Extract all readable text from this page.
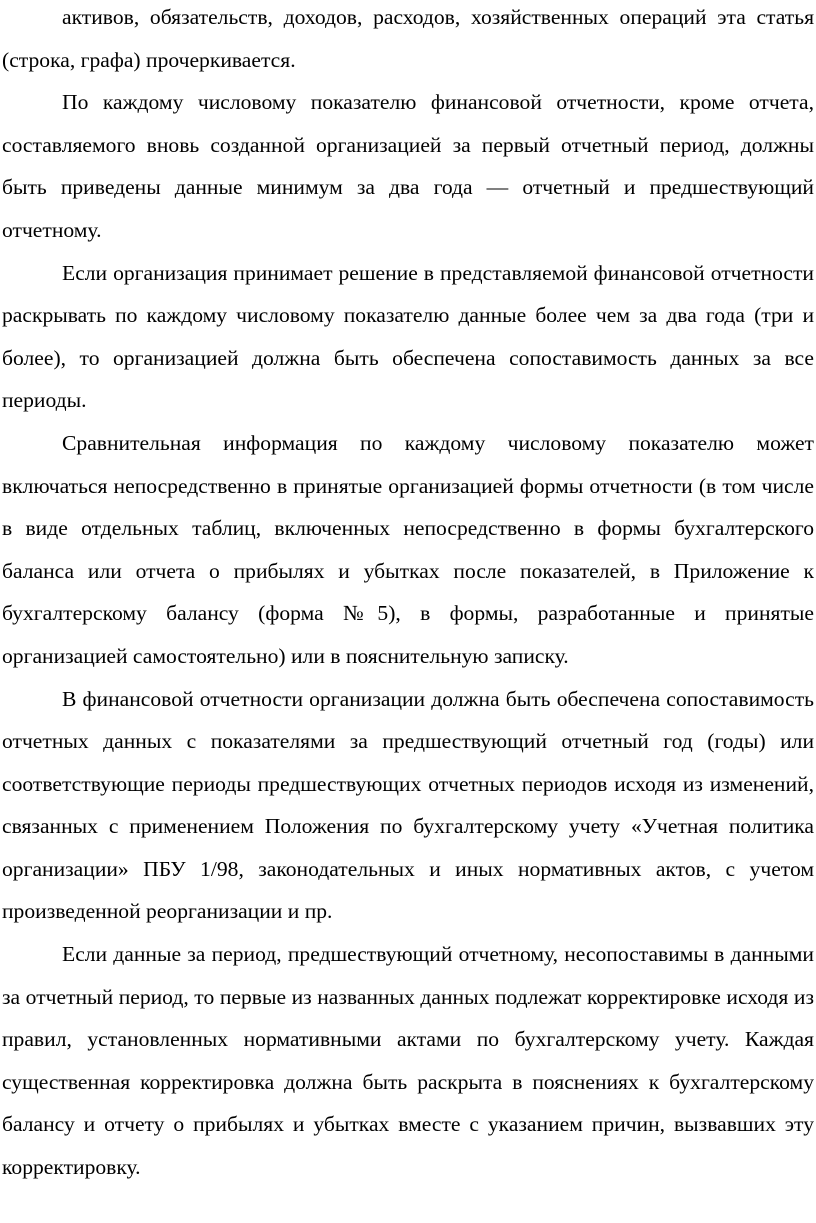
активов, обязательств, доходов, расходов, хозяйственных операций эта статья (строка, графа) прочеркивается.

По каждому числовому показателю финансовой отчетности, кроме отчета, составляемого вновь созданной организацией за первый отчетный период, должны быть приведены данные минимум за два года — отчетный и предшествующий отчетному.

Если организация принимает решение в представляемой финансовой отчетности раскрывать по каждому числовому показателю данные более чем за два года (три и более), то организацией должна быть обеспечена сопоставимость данных за все периоды.

Сравнительная информация по каждому числовому показателю может включаться непосредственно в принятые организацией формы отчетности (в том числе в виде отдельных таблиц, включенных непосредственно в формы бухгалтерского баланса или отчета о прибылях и убытках после показателей, в Приложение к бухгалтерскому балансу (форма №5), в формы, разработанные и принятые организацией самостоятельно) или в пояснительную записку.

В финансовой отчетности организации должна быть обеспечена сопоставимость отчетных данных с показателями за предшествующий отчетный год (годы) или соответствующие периоды предшествующих отчетных периодов исходя из изменений, связанных с применением Положения по бухгалтерскому учету «Учетная политика организации» ПБУ 1/98, законодательных и иных нормативных актов, с учетом произведенной реорганизации и пр.

Если данные за период, предшествующий отчетному, несопоставимы в данными за отчетный период, то первые из названных данных подлежат корректировке исходя из правил, установленных нормативными актами по бухгалтерскому учету. Каждая существенная корректировка должна быть раскрыта в пояснениях к бухгалтерскому балансу и отчету о прибылях и убытках вместе с указанием причин, вызвавших эту корректировку.
